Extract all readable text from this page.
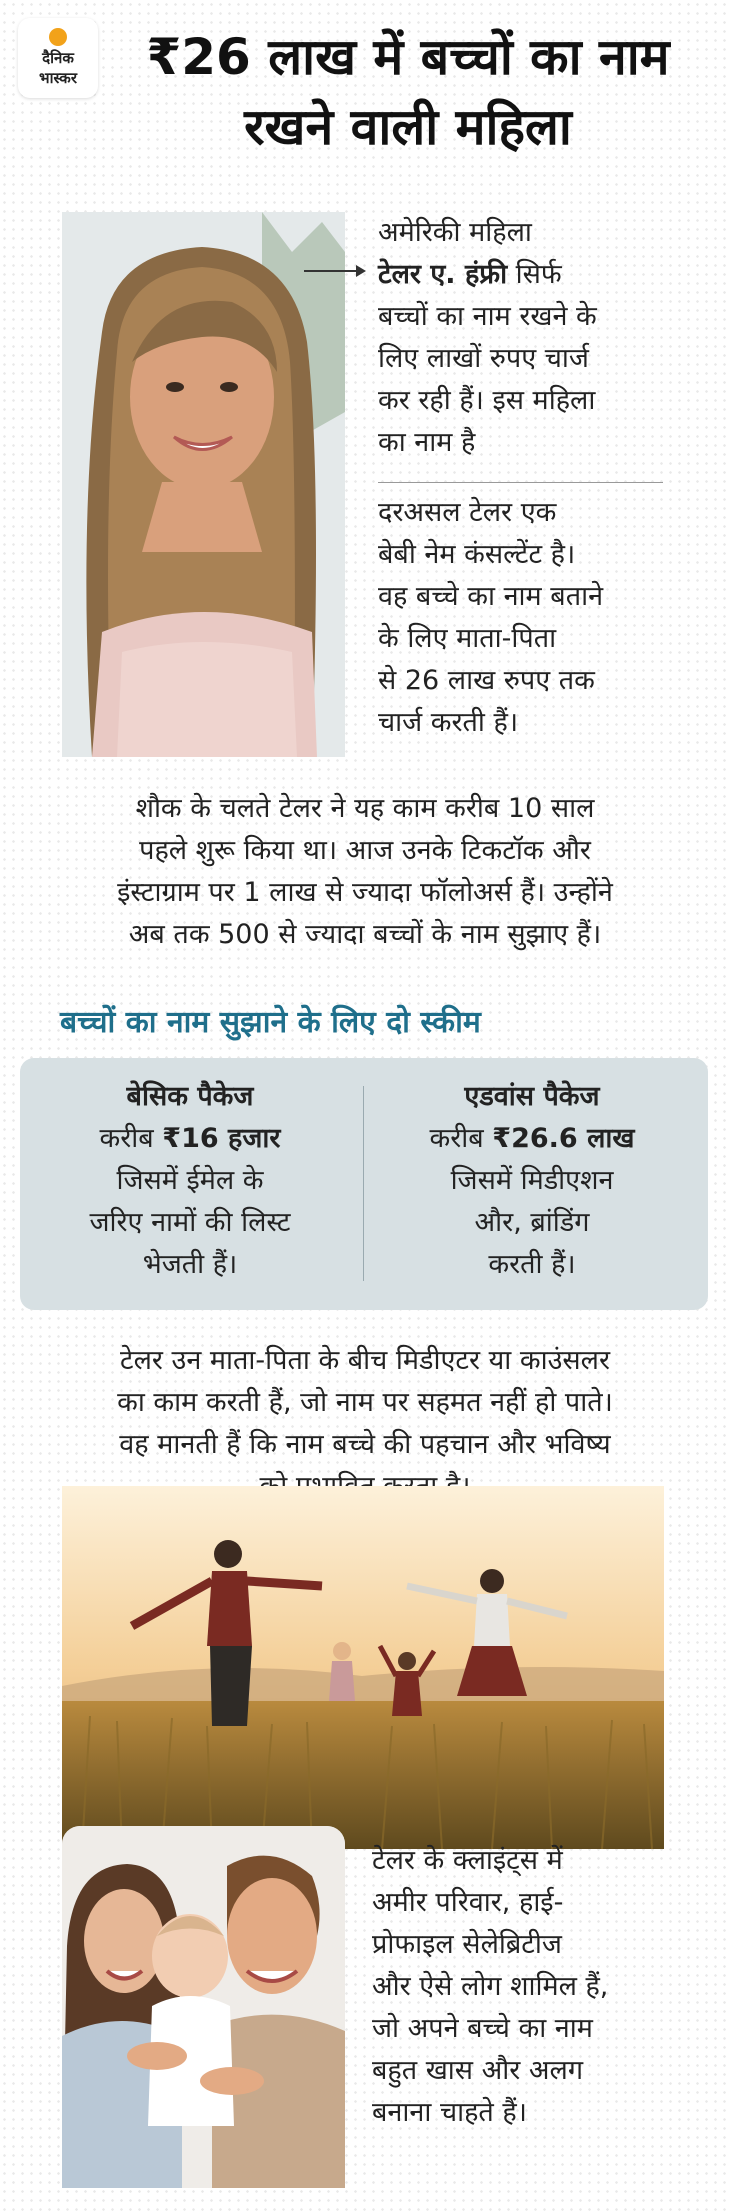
दैनिक
भास्कर	₹26 लाख में बच्चों का नाम रखने वाली महिला
अमेरिकी महिला
टेलर ए. हंफ्री सिर्फ
बच्चों का नाम रखने के
लिए लाखों रुपए चार्ज
कर रही हैं। इस महिला
का नाम है
दरअसल टेलर एक
बेबी नेम कंसल्टेंट है।
वह बच्चे का नाम बताने
के लिए माता-पिता
से 26 लाख रुपए तक
चार्ज करती हैं।
शौक के चलते टेलर ने यह काम करीब 10 साल
पहले शुरू किया था। आज उनके टिकटॉक और
इंस्टाग्राम पर 1 लाख से ज्यादा फॉलोअर्स हैं। उन्होंने
अब तक 500 से ज्यादा बच्चों के नाम सुझाए हैं।
बच्चों का नाम सुझाने के लिए दो स्कीम
बेसिक पैकेज
करीब ₹16 हजार
जिसमें ईमेल के
जरिए नामों की लिस्ट
भेजती हैं।
एडवांस पैकेज
करीब ₹26.6 लाख
जिसमें मिडीएशन
और, ब्रांडिंग
करती हैं।
टेलर उन माता-पिता के बीच मिडीएटर या काउंसलर
का काम करती हैं, जो नाम पर सहमत नहीं हो पाते।
वह मानती हैं कि नाम बच्चे की पहचान और भविष्य
टेलर के क्लाइंट्स में
अमीर परिवार, हाई-
प्रोफाइल सेलेब्रिटीज
और ऐसे लोग शामिल हैं,
जो अपने बच्चे का नाम
बहुत खास और अलग
बनाना चाहते हैं।
